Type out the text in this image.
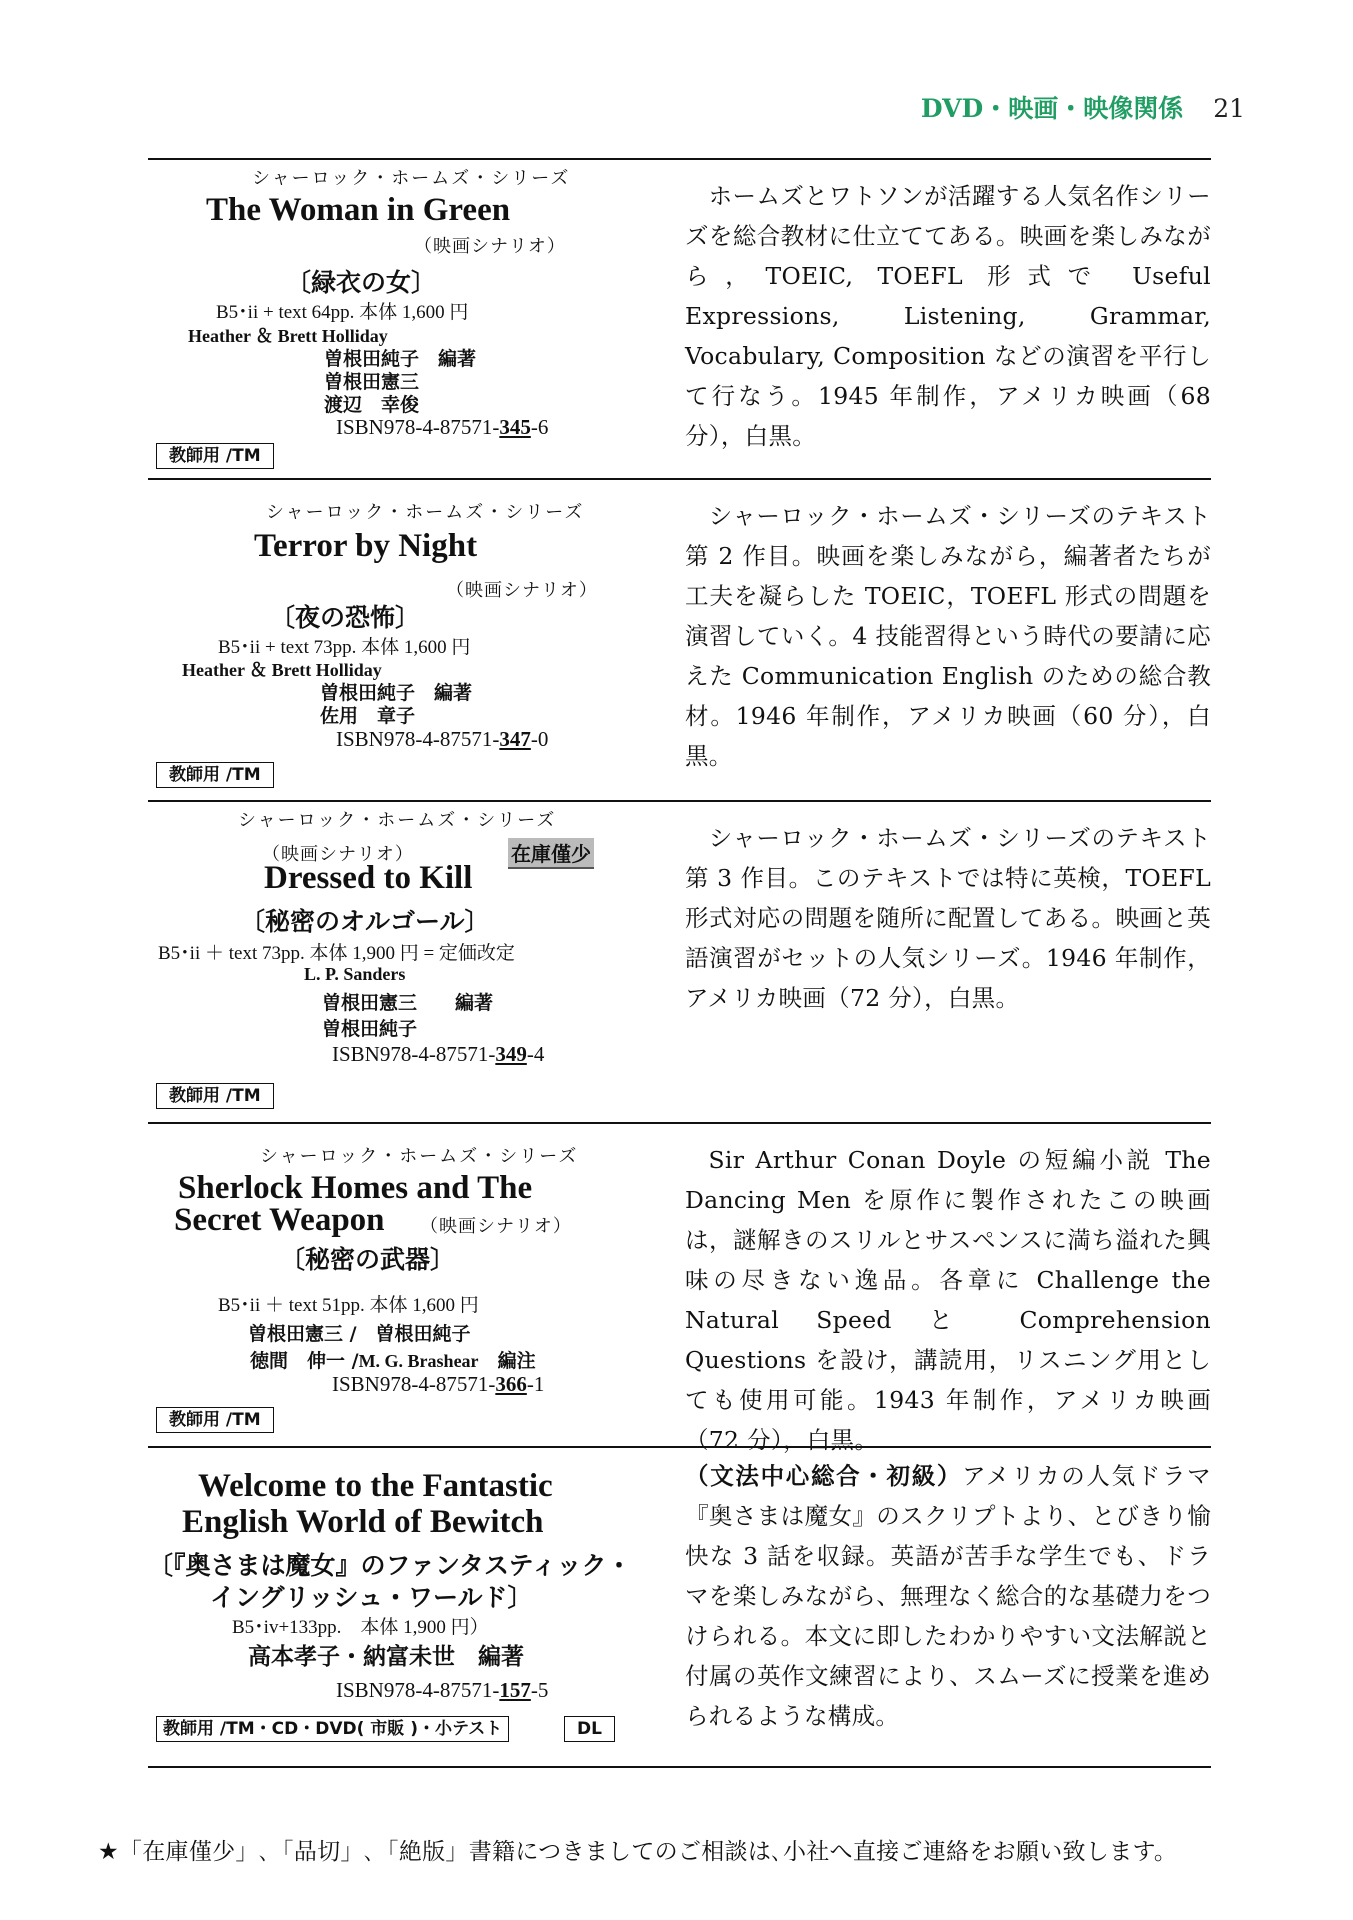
DVD・映画・映像関係 21
シャーロック・ホームズ・シリーズ
The Woman in Green
（映画シナリオ）
〔緑衣の女〕
B5･ii + text 64pp. 本体 1,600 円
Heather ＆ Brett Holliday
曽根田純子　編著
曽根田憲三
渡辺　幸俊
ISBN978-4-87571-345-6
教師用 /TM
ホームズとワトソンが活躍する人気名作シリーズを総合教材に仕立ててある。映画を楽しみながら，TOEIC, TOEFL 形式で Useful Expressions, Listening, Grammar, Vocabulary, Composition などの演習を平行して行なう。1945 年制作，アメリカ映画（68 分），白黒。
シャーロック・ホームズ・シリーズ
Terror by Night
（映画シナリオ）
〔夜の恐怖〕
B5･ii + text 73pp. 本体 1,600 円
Heather ＆ Brett Holliday
曽根田純子　編著
佐用　章子
ISBN978-4-87571-347-0
教師用 /TM
シャーロック・ホームズ・シリーズのテキスト第 2 作目。映画を楽しみながら，編著者たちが工夫を凝らした TOEIC，TOEFL 形式の問題を演習していく。4 技能習得という時代の要請に応えた Communication English のための総合教材。1946 年制作，アメリカ映画（60 分），白黒。
シャーロック・ホームズ・シリーズ
（映画シナリオ）	在庫僅少
Dressed to Kill
〔秘密のオルゴール〕
B5･ii ＋ text 73pp. 本体 1,900 円 = 定価改定
L. P. Sanders
曽根田憲三　　編著
曽根田純子
ISBN978-4-87571-349-4
教師用 /TM
シャーロック・ホームズ・シリーズのテキスト第 3 作目。このテキストでは特に英検，TOEFL 形式対応の問題を随所に配置してある。映画と英語演習がセットの人気シリーズ。1946 年制作，アメリカ映画（72 分），白黒。
シャーロック・ホームズ・シリーズ
Sherlock Homes and The
Secret Weapon （映画シナリオ）
〔秘密の武器〕
B5･ii ＋ text 51pp. 本体 1,600 円
曽根田憲三 /　曽根田純子
徳間　伸一 /M. G. Brashear　 編注
ISBN978-4-87571-366-1
教師用 /TM
Sir Arthur Conan Doyle の短編小説 The Dancing Men を原作に製作されたこの映画は，謎解きのスリルとサスペンスに満ち溢れた興味の尽きない逸品。各章に Challenge the Natural Speed と Comprehension Questions を設け，講読用，リスニング用としても使用可能。1943 年制作，アメリカ映画（72 分），白黒。
Welcome to the Fantastic
English World of Bewitch
〔『奥さまは魔女』のファンタスティック・
イングリッシュ・ワールド〕
B5･iv+133pp.　本体 1,900 円）
高本孝子・納富未世　編著
ISBN978-4-87571-157-5
教師用 /TM・CD・DVD( 市販 )・小テスト	DL
（文法中心総合・初級）アメリカの人気ドラマ『奥さまは魔女』のスクリプトより、とびきり愉快な 3 話を収録。英語が苦手な学生でも、ドラマを楽しみながら、無理なく総合的な基礎力をつけられる。本文に即したわかりやすい文法解説と付属の英作文練習により、スムーズに授業を進められるような構成。
★「在庫僅少」､「品切」､「絶版」書籍につきましてのご相談は､小社へ直接ご連絡をお願い致します。
